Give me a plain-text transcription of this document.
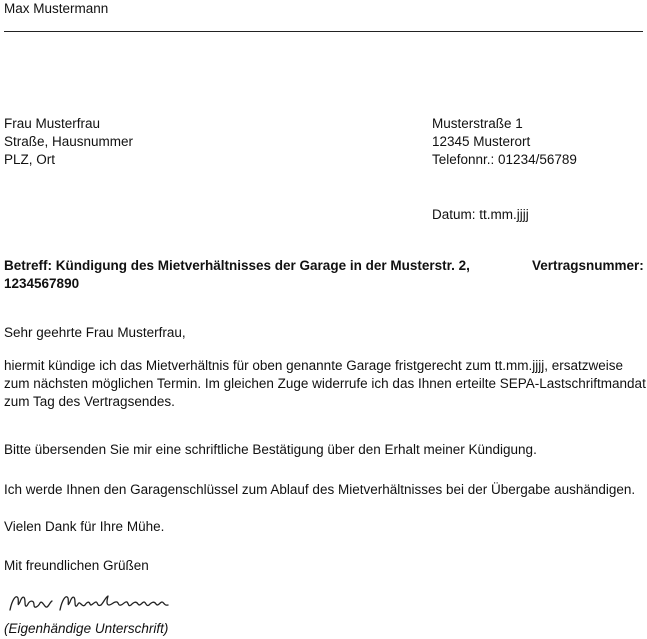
Max Mustermann
Frau Musterfrau
Straße, Hausnummer
PLZ, Ort
Musterstraße 1
12345 Musterort
Telefonnr.: 01234/56789
Datum: tt.mm.jjjj
Betreff: Kündigung des Mietverhältnisses der Garage in der Musterstr. 2,	Vertragsnummer:
1234567890
Sehr geehrte Frau Musterfrau,
hiermit kündige ich das Mietverhältnis für oben genannte Garage fristgerecht zum tt.mm.jjjj, ersatzweise
zum nächsten möglichen Termin. Im gleichen Zuge widerrufe ich das Ihnen erteilte SEPA-Lastschriftmandat
zum Tag des Vertragsendes.
Bitte übersenden Sie mir eine schriftliche Bestätigung über den Erhalt meiner Kündigung.
Ich werde Ihnen den Garagenschlüssel zum Ablauf des Mietverhältnisses bei der Übergabe aushändigen.
Vielen Dank für Ihre Mühe.
Mit freundlichen Grüßen
(Eigenhändige Unterschrift)
